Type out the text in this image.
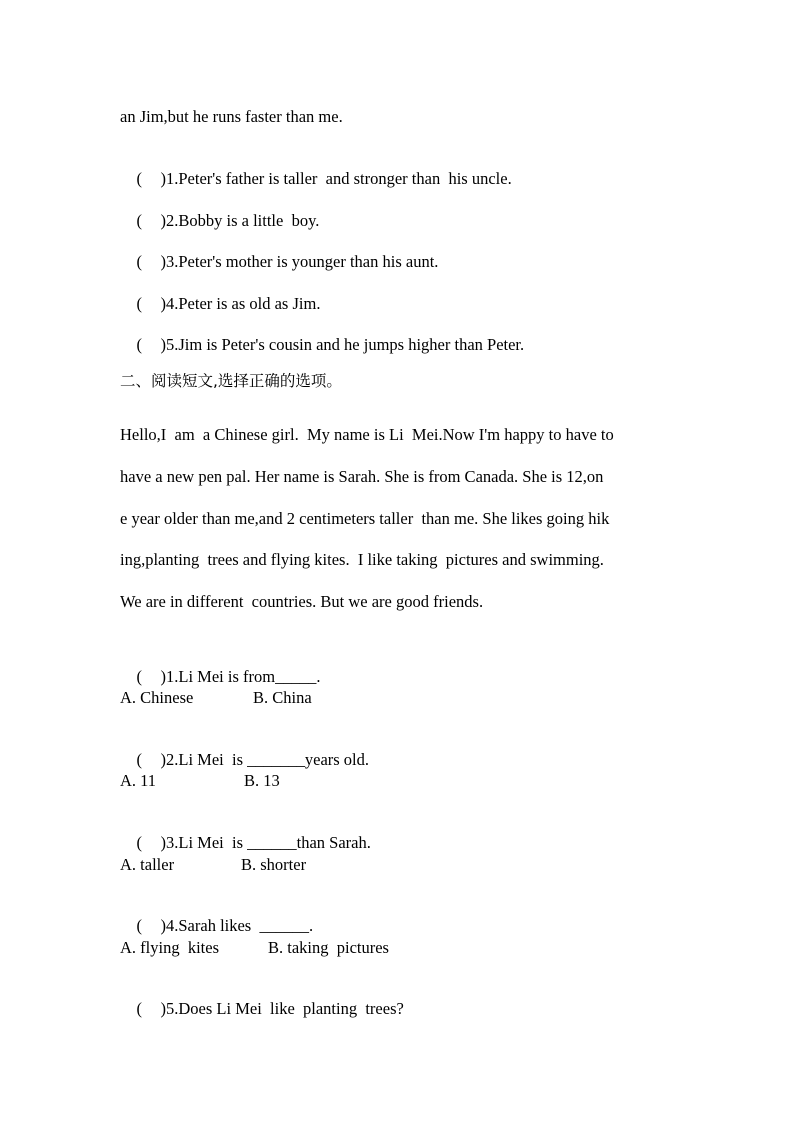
an Jim,but he runs faster than me.

( )1.Peter's father is taller  and stronger than  his uncle.

( )2.Bobby is a little  boy.

( )3.Peter's mother is younger than his aunt.

( )4.Peter is as old as Jim.

( )5.Jim is Peter's cousin and he jumps higher than Peter.

二、阅读短文,选择正确的选项。
Hello,I  am  a Chinese girl.  My name is Li  Mei.Now I'm happy to have to
have a new pen pal. Her name is Sarah. She is from Canada. She is 12,on
e year older than me,and 2 centimeters taller  than me. She likes going hik
ing,planting  trees and flying kites.  I like taking  pictures and swimming.
We are in different  countries. But we are good friends.

( )1.Li Mei is from_____.

A. Chinese	B. China

( )2.Li Mei  is _______years old.

A. 11	B. 13

( )3.Li Mei  is ______than Sarah.

A. taller	B. shorter

( )4.Sarah likes  ______.

A. flying  kites	B. taking  pictures

( )5.Does Li Mei  like  planting  trees?
